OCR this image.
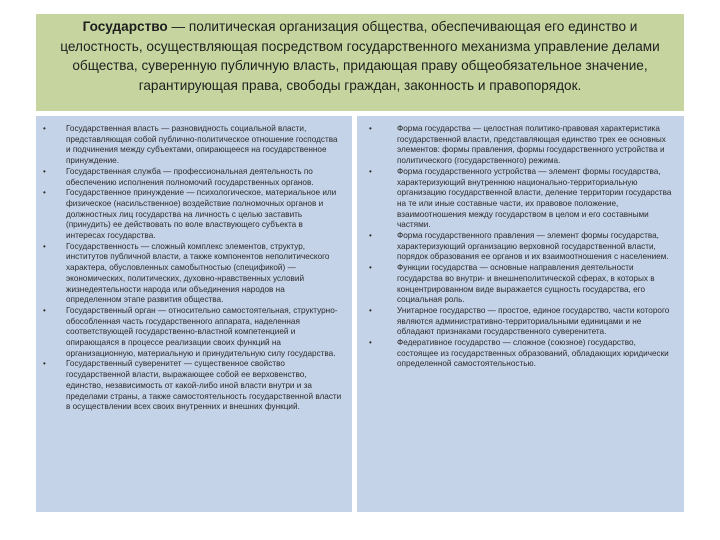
Государство — политическая организация общества, обеспечивающая его единство и целостность, осуществляющая посредством государственного механизма управление делами общества, суверенную публичную власть, придающая праву общеобязательное значение, гарантирующая права, свободы граждан, законность и правопорядок.
• Государственная власть — разновидность социальной власти, представляющая собой публично-политическое отношение господства и подчинения между субъектами, опирающееся на государственное принуждение.
• Государственная служба — профессиональная деятельность по обеспечению исполнения полномочий государственных органов.
• Государственное принуждение — психологическое, материальное или физическое (насильственное) воздействие полномочных органов и должностных лиц государства на личность с целью заставить (принудить) ее действовать по воле властвующего субъекта в интересах государства.
• Государственность — сложный комплекс элементов, структур, институтов публичной власти, а также компонентов неполитического характера, обусловленных самобытностью (спецификой) — экономических, политических, духовно-нравственных условий жизнедеятельности народа или объединения народов на определенном этапе развития общества.
• Государственный орган — относительно самостоятельная, структурно-обособленная часть государственного аппарата, наделенная соответствующей государственно-властной компетенцией и опирающаяся в процессе реализации своих функций на организационную, материальную и принудительную силу государства.
• Государственный суверенитет — существенное свойство государственной власти, выражающее собой ее верховенство, единство, независимость от какой-либо иной власти внутри и за пределами страны, а также самостоятельность государственной власти в осуществлении всех своих внутренних и внешних функций.
•	Форма государства — целостная политико-правовая характеристика государственной власти, представляющая единство трех ее основных элементов: формы правления, формы государственного устройства и политического (государственного) режима.
•	Форма государственного устройства — элемент формы государства, характеризующий внутреннюю национально-территориальную организацию государственной власти, деление территории государства на те или иные составные части, их правовое положение, взаимоотношения между государством в целом и его составными частями.
•	Форма государственного правления — элемент формы государства, характеризующий организацию верховной государственной власти, порядок образования ее органов и их взаимоотношения с населением.
•	Функции государства — основные направления деятельности государства во внутри- и внешнеполитической сферах, в которых в концентрированном виде выражается сущность государства, его социальная роль.
•	Унитарное государство — простое, единое государство, части которого являются административно-территориальными единицами и не обладают признаками государственного суверенитета.
•	Федеративное государство — сложное (союзное) государство, состоящее из государственных образований, обладающих юридически определенной самостоятельностью.
